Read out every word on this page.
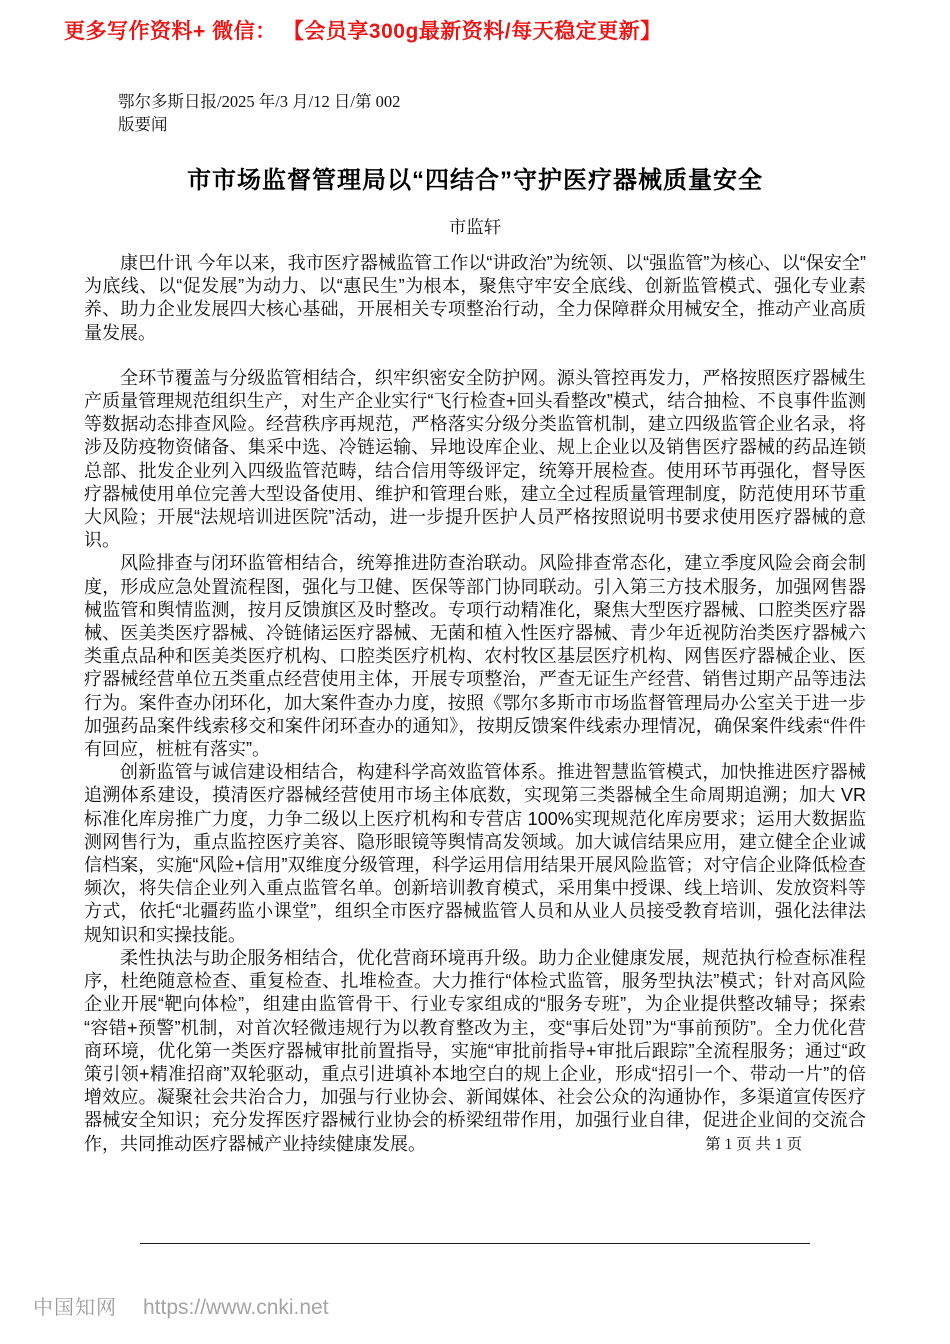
更多写作资料+ 微信： 【会员享300g最新资料/每天稳定更新】
鄂尔多斯日报/2025 年/3 月/12 日/第 002
版要闻
市市场监督管理局以“四结合”守护医疗器械质量安全
市监轩

康巴什讯 今年以来，我市医疗器械监管工作以“讲政治”为统领、以“强监管”为核心、以“保安全”为底线、以“促发展”为动力、以“惠民生”为根本，聚焦守牢安全底线、创新监管模式、强化专业素养、助力企业发展四大核心基础，开展相关专项整治行动，全力保障群众用械安全，推动产业高质量发展。

全环节覆盖与分级监管相结合，织牢织密安全防护网。源头管控再发力，严格按照医疗器械生产质量管理规范组织生产，对生产企业实行“飞行检查+回头看整改”模式，结合抽检、不良事件监测等数据动态排查风险。经营秩序再规范，严格落实分级分类监管机制，建立四级监管企业名录，将涉及防疫物资储备、集采中选、冷链运输、异地设库企业、规上企业以及销售医疗器械的药品连锁总部、批发企业列入四级监管范畴，结合信用等级评定，统筹开展检查。使用环节再强化，督导医疗器械使用单位完善大型设备使用、维护和管理台账，建立全过程质量管理制度，防范使用环节重大风险；开展“法规培训进医院”活动，进一步提升医护人员严格按照说明书要求使用医疗器械的意识。

风险排查与闭环监管相结合，统筹推进防查治联动。风险排查常态化，建立季度风险会商会制度，形成应急处置流程图，强化与卫健、医保等部门协同联动。引入第三方技术服务，加强网售器械监管和舆情监测，按月反馈旗区及时整改。专项行动精准化，聚焦大型医疗器械、口腔类医疗器械、医美类医疗器械、冷链储运医疗器械、无菌和植入性医疗器械、青少年近视防治类医疗器械六类重点品种和医美类医疗机构、口腔类医疗机构、农村牧区基层医疗机构、网售医疗器械企业、医疗器械经营单位五类重点经营使用主体，开展专项整治，严查无证生产经营、销售过期产品等违法行为。案件查办闭环化，加大案件查办力度，按照《鄂尔多斯市市场监督管理局办公室关于进一步加强药品案件线索移交和案件闭环查办的通知》，按期反馈案件线索办理情况，确保案件线索“件件有回应，桩桩有落实”。

创新监管与诚信建设相结合，构建科学高效监管体系。推进智慧监管模式，加快推进医疗器械追溯体系建设，摸清医疗器械经营使用市场主体底数，实现第三类器械全生命周期追溯；加大 VR 标准化库房推广力度，力争二级以上医疗机构和专营店 100%实现规范化库房要求；运用大数据监测网售行为，重点监控医疗美容、隐形眼镜等舆情高发领域。加大诚信结果应用，建立健全企业诚信档案，实施“风险+信用”双维度分级管理，科学运用信用结果开展风险监管；对守信企业降低检查频次，将失信企业列入重点监管名单。创新培训教育模式，采用集中授课、线上培训、发放资料等方式，依托“北疆药监小课堂”，组织全市医疗器械监管人员和从业人员接受教育培训，强化法律法规知识和实操技能。

柔性执法与助企服务相结合，优化营商环境再升级。助力企业健康发展，规范执行检查标准程序，杜绝随意检查、重复检查、扎堆检查。大力推行“体检式监管，服务型执法”模式；针对高风险企业开展“靶向体检”，组建由监管骨干、行业专家组成的“服务专班”，为企业提供整改辅导；探索“容错+预警”机制，对首次轻微违规行为以教育整改为主，变“事后处罚”为“事前预防”。全力优化营商环境，优化第一类医疗器械审批前置指导，实施“审批前指导+审批后跟踪”全流程服务；通过“政策引领+精准招商”双轮驱动，重点引进填补本地空白的规上企业，形成“招引一个、带动一片”的倍增效应。凝聚社会共治合力，加强与行业协会、新闻媒体、社会公众的沟通协作，多渠道宣传医疗器械安全知识；充分发挥医疗器械行业协会的桥梁纽带作用，加强行业自律，促进企业间的交流合作，共同推动医疗器械产业持续健康发展。	第 1 页 共 1 页
中国知网 https://www.cnki.net
